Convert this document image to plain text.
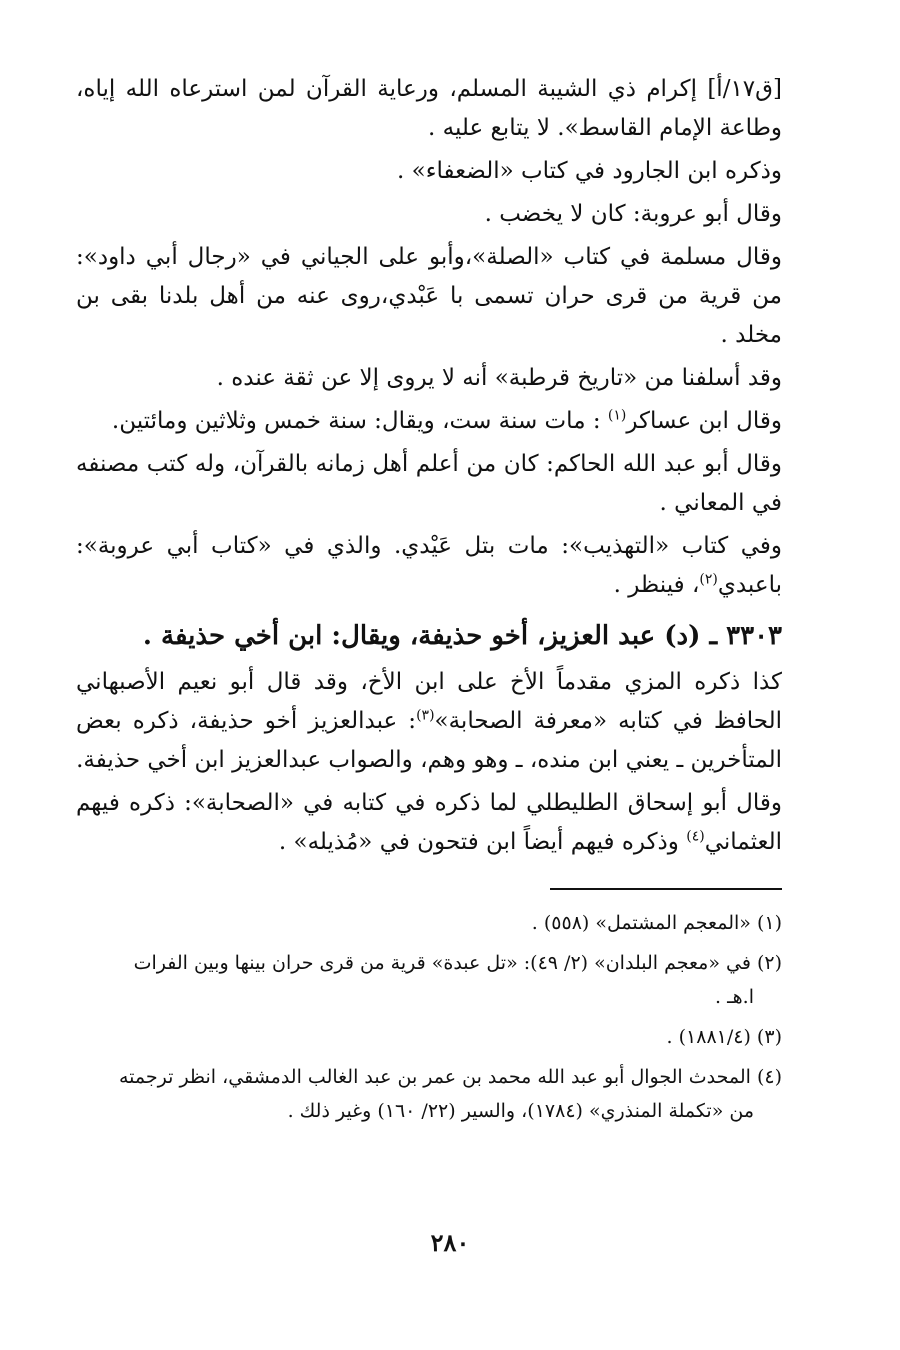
[ق١٧/أ] إكرام ذي الشيبة المسلم، ورعاية القرآن لمن استرعاه الله إياه، وطاعة الإمام القاسط». لا يتابع عليه .

وذكره ابن الجارود في كتاب «الضعفاء» .

وقال أبو عروبة: كان لا يخضب .

وقال مسلمة في كتاب «الصلة»،وأبو على الجياني في «رجال أبي داود»: من قرية من قرى حران تسمى با عَبْدي،روى عنه من أهل بلدنا بقى بن مخلد .

وقد أسلفنا من «تاريخ قرطبة» أنه لا يروى إلا عن ثقة عنده .

وقال ابن عساكر$^{(١)}$ : مات سنة ست، ويقال: سنة خمس وثلاثين ومائتين.

وقال أبو عبد الله الحاكم: كان من أعلم أهل زمانه بالقرآن، وله كتب مصنفه في المعاني .

وفي كتاب «التهذيب»: مات بتل عَيْدي. والذي في «كتاب أبي عروبة»: باعبدي$^{(٢)}$، فينظر .

٣٣٠٣ ـ (د) عبد العزيز، أخو حذيفة، ويقال: ابن أخي حذيفة .

كذا ذكره المزي مقدماً الأخ على ابن الأخ، وقد قال أبو نعيم الأصبهاني الحافظ في كتابه «معرفة الصحابة»$^{(٣)}$: عبدالعزيز أخو حذيفة، ذكره بعض المتأخرين ـ يعني ابن منده، ـ وهو وهم، والصواب عبدالعزيز ابن أخي حذيفة.

وقال أبو إسحاق الطليطلي لما ذكره في كتابه في «الصحابة»: ذكره فيهم العثماني$^{(٤)}$ وذكره فيهم أيضاً ابن فتحون في «مُذيله» .

(١) «المعجم المشتمل» (٥٥٨) .

(٢) في «معجم البلدان» (٢/ ٤٩): «تل عبدة» قرية من قرى حران بينها وبين الفرات
ا.هـ .

(٣) (١٨٨١/٤) .

(٤) المحدث الجوال أبو عبد الله محمد بن عمر بن عبد الغالب الدمشقي، انظر ترجمته
من «تكملة المنذري» (١٧٨٤)، والسير (٢٢/ ١٦٠) وغير ذلك .

٢٨٠
